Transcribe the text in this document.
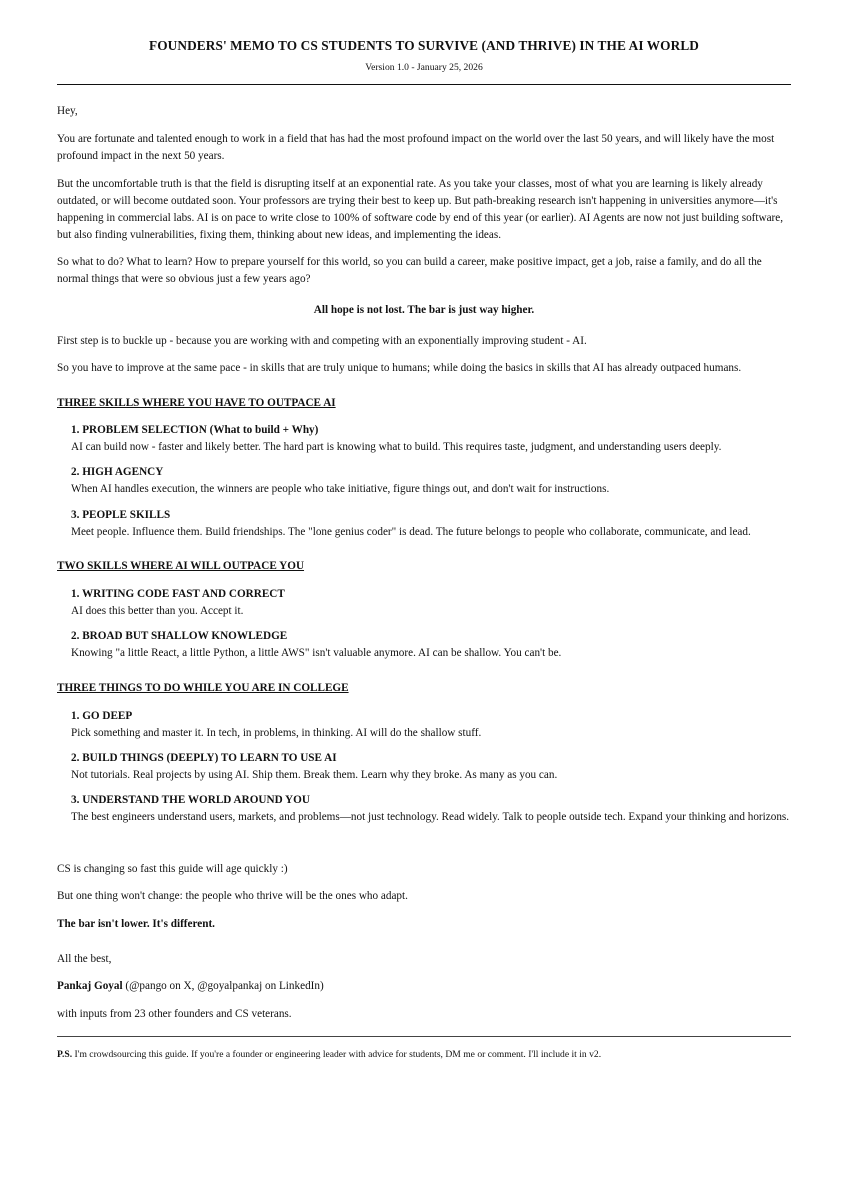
FOUNDERS' MEMO TO CS STUDENTS TO SURVIVE (AND THRIVE) IN THE AI WORLD

Version 1.0 - January 25, 2026

Hey,

You are fortunate and talented enough to work in a field that has had the most profound impact on the world over the last 50 years, and will likely have the most profound impact in the next 50 years.

But the uncomfortable truth is that the field is disrupting itself at an exponential rate. As you take your classes, most of what you are learning is likely already outdated, or will become outdated soon. Your professors are trying their best to keep up. But path-breaking research isn't happening in universities anymore—it's happening in commercial labs. AI is on pace to write close to 100% of software code by end of this year (or earlier). AI Agents are now not just building software, but also finding vulnerabilities, fixing them, thinking about new ideas, and implementing the ideas.

So what to do? What to learn? How to prepare yourself for this world, so you can build a career, make positive impact, get a job, raise a family, and do all the normal things that were so obvious just a few years ago?

All hope is not lost. The bar is just way higher.

First step is to buckle up - because you are working with and competing with an exponentially improving student - AI.

So you have to improve at the same pace - in skills that are truly unique to humans; while doing the basics in skills that AI has already outpaced humans.

THREE SKILLS WHERE YOU HAVE TO OUTPACE AI

1. PROBLEM SELECTION (What to build + Why)

AI can build now - faster and likely better. The hard part is knowing what to build. This requires taste, judgment, and understanding users deeply.

2. HIGH AGENCY

When AI handles execution, the winners are people who take initiative, figure things out, and don't wait for instructions.

3. PEOPLE SKILLS

Meet people. Influence them. Build friendships. The "lone genius coder" is dead. The future belongs to people who collaborate, communicate, and lead.

TWO SKILLS WHERE AI WILL OUTPACE YOU

1. WRITING CODE FAST AND CORRECT

AI does this better than you. Accept it.

2. BROAD BUT SHALLOW KNOWLEDGE

Knowing "a little React, a little Python, a little AWS" isn't valuable anymore. AI can be shallow. You can't be.

THREE THINGS TO DO WHILE YOU ARE IN COLLEGE

1. GO DEEP

Pick something and master it. In tech, in problems, in thinking. AI will do the shallow stuff.

2. BUILD THINGS (DEEPLY) TO LEARN TO USE AI

Not tutorials. Real projects by using AI. Ship them. Break them. Learn why they broke. As many as you can.

3. UNDERSTAND THE WORLD AROUND YOU

The best engineers understand users, markets, and problems—not just technology. Read widely. Talk to people outside tech. Expand your thinking and horizons.

CS is changing so fast this guide will age quickly :)

But one thing won't change: the people who thrive will be the ones who adapt.

The bar isn't lower. It's different.

All the best,

Pankaj Goyal (@pango on X, @goyalpankaj on LinkedIn)

with inputs from 23 other founders and CS veterans.

P.S. I'm crowdsourcing this guide. If you're a founder or engineering leader with advice for students, DM me or comment. I'll include it in v2.
